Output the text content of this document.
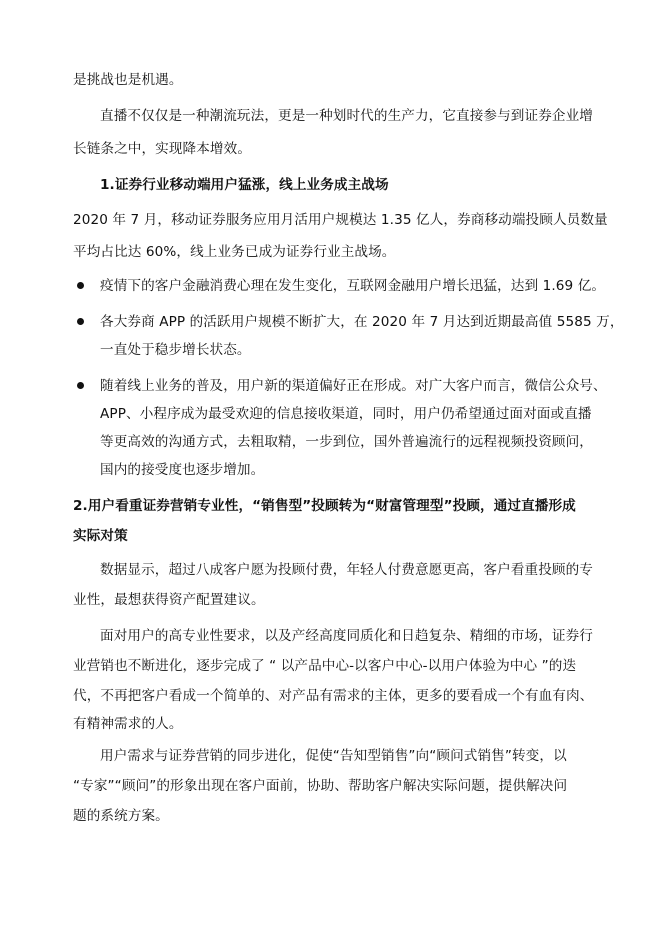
是挑战也是机遇。
直播不仅仅是一种潮流玩法，更是一种划时代的生产力，它直接参与到证券企业增
长链条之中，实现降本增效。
1.证券行业移动端用户猛涨，线上业务成主战场
2020 年 7 月，移动证券服务应用月活用户规模达 1.35 亿人，券商移动端投顾人员数量
平均占比达 60%，线上业务已成为证券行业主战场。
疫情下的客户金融消费心理在发生变化，互联网金融用户增长迅猛，达到 1.69 亿。
各大券商 APP 的活跃用户规模不断扩大，在 2020 年 7 月达到近期最高值 5585 万，
一直处于稳步增长状态。
随着线上业务的普及，用户新的渠道偏好正在形成。对广大客户而言，微信公众号、
APP、小程序成为最受欢迎的信息接收渠道，同时，用户仍希望通过面对面或直播
等更高效的沟通方式，去粗取精，一步到位，国外普遍流行的远程视频投资顾问，
国内的接受度也逐步增加。
2.用户看重证券营销专业性，“销售型”投顾转为“财富管理型”投顾，通过直播形成
实际对策
数据显示，超过八成客户愿为投顾付费，年轻人付费意愿更高，客户看重投顾的专
业性，最想获得资产配置建议。
面对用户的高专业性要求，以及产经高度同质化和日趋复杂、精细的市场，证券行
业营销也不断进化，逐步完成了 “ 以产品中心-以客户中心-以用户体验为中心 ”的迭
代，不再把客户看成一个简单的、对产品有需求的主体，更多的要看成一个有血有肉、
有精神需求的人。
用户需求与证券营销的同步进化，促使“告知型销售”向“顾问式销售”转变，以
“专家”“顾问”的形象出现在客户面前，协助、帮助客户解决实际问题，提供解决问
题的系统方案。
